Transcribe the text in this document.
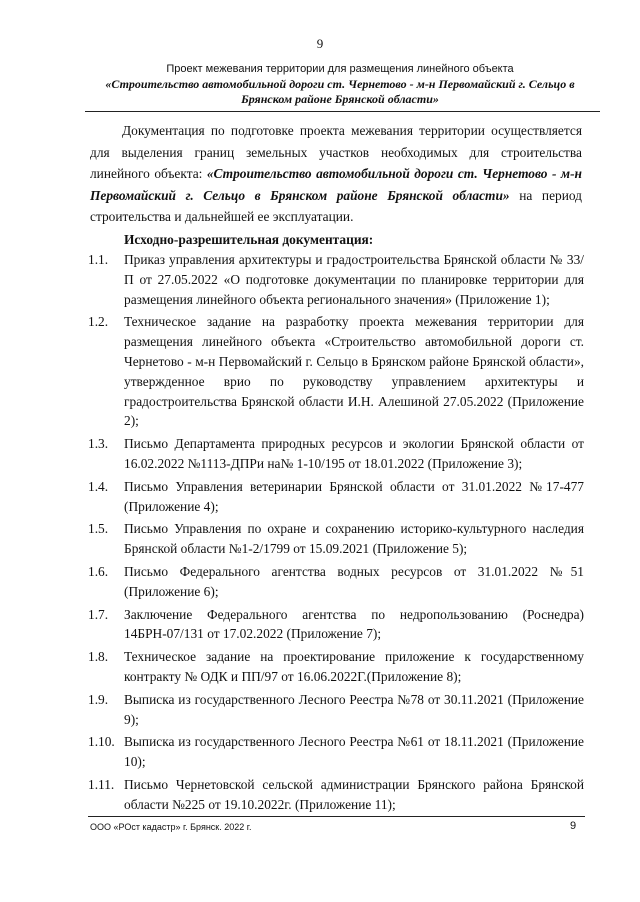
9
Проект межевания территории для размещения линейного объекта
«Строительство автомобильной дороги ст. Чернетово - м-н Первомайский г. Сельцо в
Брянском районе Брянской области»
Документация по подготовке проекта межевания территории осуществляется для выделения границ земельных участков необходимых для строительства линейного объекта: «Строительство автомобильной дороги ст. Чернетово - м-н Первомайский г. Сельцо в Брянском районе Брянской области» на период строительства и дальнейшей ее эксплуатации.
Исходно-разрешительная документация:
1.1.	Приказ управления архитектуры и градостроительства Брянской области № 33/П от 27.05.2022 «О подготовке документации по планировке территории для размещения линейного объекта регионального значения» (Приложение 1);
1.2.	Техническое задание на разработку проекта межевания территории для размещения линейного объекта «Строительство автомобильной дороги ст. Чернетово - м-н Первомайский г. Сельцо в Брянском районе Брянской области», утвержденное врио по руководству управлением архитектуры и градостроительства Брянской области И.Н. Алешиной 27.05.2022 (Приложение 2);
1.3.	Письмо Департамента природных ресурсов и экологии Брянской области от 16.02.2022 №1113-ДПРи на№ 1-10/195 от 18.01.2022 (Приложение 3);
1.4.	Письмо Управления ветеринарии Брянской области от 31.01.2022 №17-477 (Приложение 4);
1.5.	Письмо Управления по охране и сохранению историко-культурного наследия Брянской области №1-2/1799 от 15.09.2021 (Приложение 5);
1.6.	Письмо Федерального агентства водных ресурсов от 31.01.2022 №51 (Приложение 6);
1.7.	Заключение Федерального агентства по недропользованию (Роснедра) 14БРН-07/131 от 17.02.2022 (Приложение 7);
1.8.	Техническое задание на проектирование приложение к государственному контракту № ОДК и ПП/97 от 16.06.2022Г.(Приложение 8);
1.9.	Выписка из государственного Лесного Реестра №78 от 30.11.2021 (Приложение 9);
1.10. Выписка из государственного Лесного Реестра №61 от 18.11.2021 (Приложение 10);
1.11. Письмо Чернетовской сельской администрации Брянского района Брянской области №225 от 19.10.2022г. (Приложение 11);
ООО «РОст кадастр» г. Брянск. 2022 г.	9
